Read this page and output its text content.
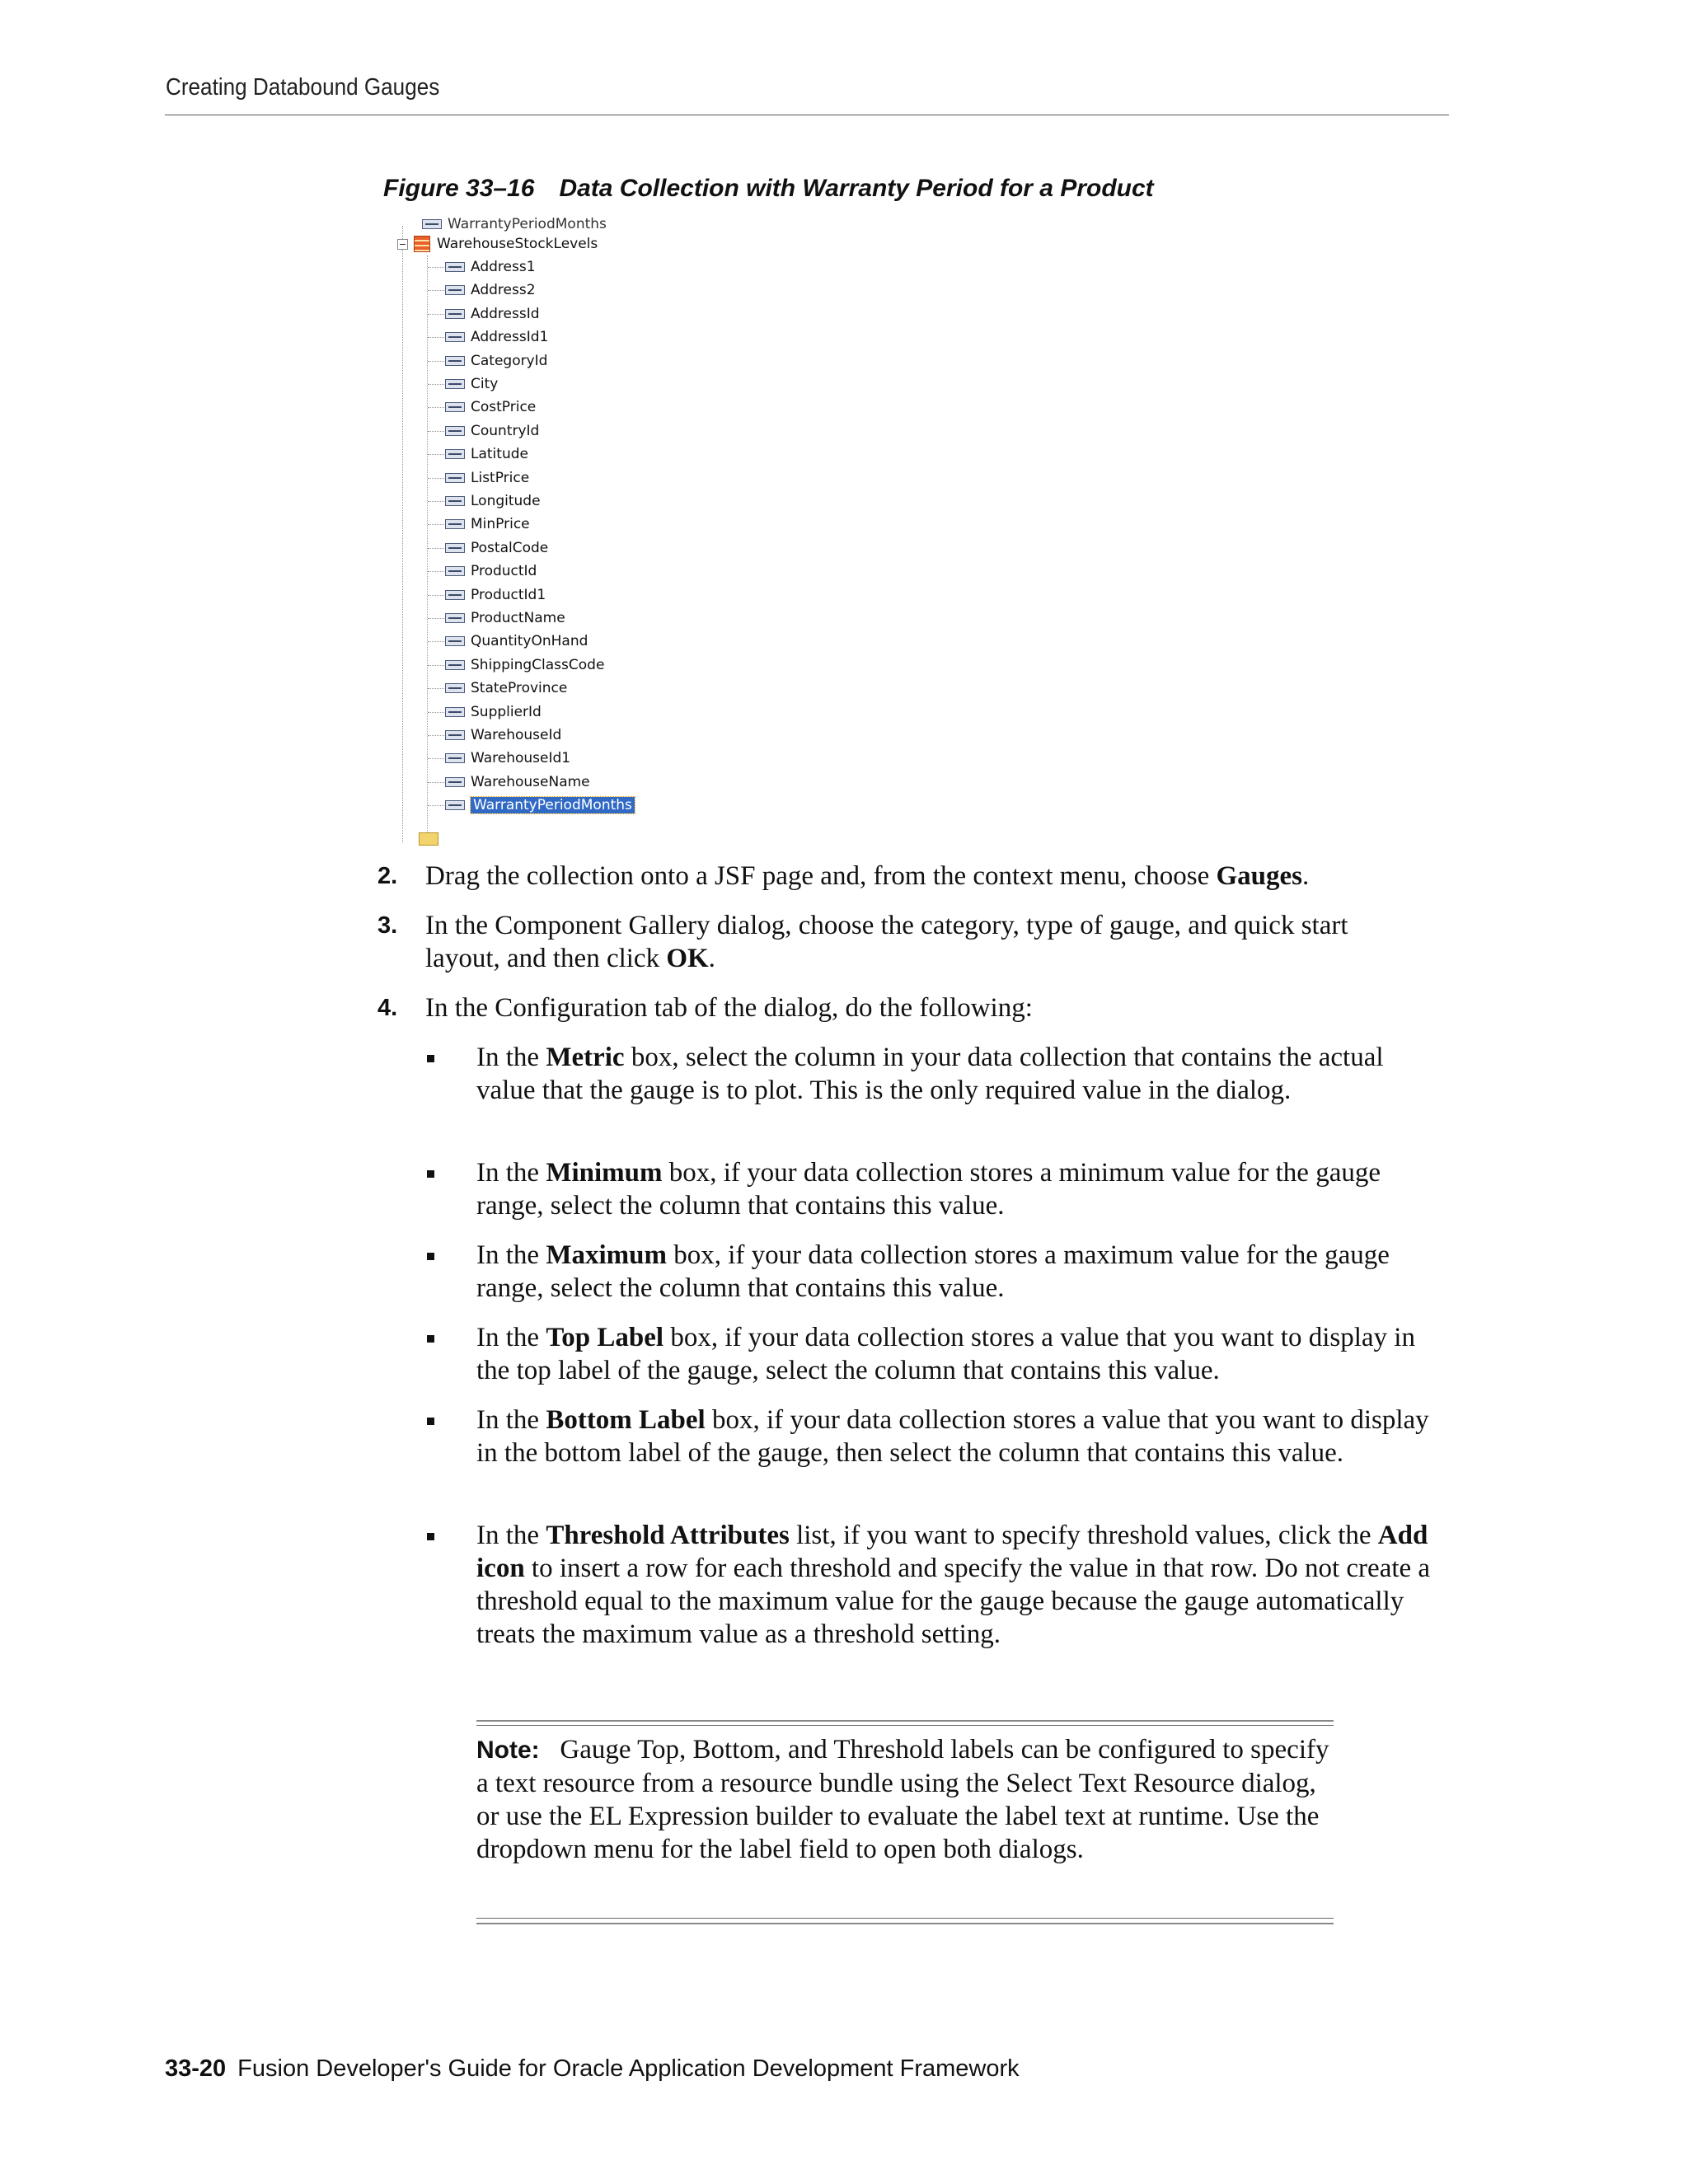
Creating Databound Gauges
Figure 33–16 Data Collection with Warranty Period for a Product
WarrantyPeriodMonths
WarehouseStockLevels
Address1
Address2
AddressId
AddressId1
CategoryId
City
CostPrice
CountryId
Latitude
ListPrice
Longitude
MinPrice
PostalCode
ProductId
ProductId1
ProductName
QuantityOnHand
ShippingClassCode
StateProvince
SupplierId
WarehouseId
WarehouseId1
WarehouseName
WarrantyPeriodMonths
2. Drag the collection onto a JSF page and, from the context menu, choose Gauges.
3. In the Component Gallery dialog, choose the category, type of gauge, and quick start layout, and then click OK.
4. In the Configuration tab of the dialog, do the following:
In the Metric box, select the column in your data collection that contains the actual value that the gauge is to plot. This is the only required value in the dialog.
In the Minimum box, if your data collection stores a minimum value for the gauge range, select the column that contains this value.
In the Maximum box, if your data collection stores a maximum value for the gauge range, select the column that contains this value.
In the Top Label box, if your data collection stores a value that you want to display in the top label of the gauge, select the column that contains this value.
In the Bottom Label box, if your data collection stores a value that you want to display in the bottom label of the gauge, then select the column that contains this value.
In the Threshold Attributes list, if you want to specify threshold values, click the Add icon to insert a row for each threshold and specify the value in that row. Do not create a threshold equal to the maximum value for the gauge because the gauge automatically treats the maximum value as a threshold setting.
Note: Gauge Top, Bottom, and Threshold labels can be configured to specify a text resource from a resource bundle using the Select Text Resource dialog, or use the EL Expression builder to evaluate the label text at runtime. Use the dropdown menu for the label field to open both dialogs.
33-20 Fusion Developer's Guide for Oracle Application Development Framework
